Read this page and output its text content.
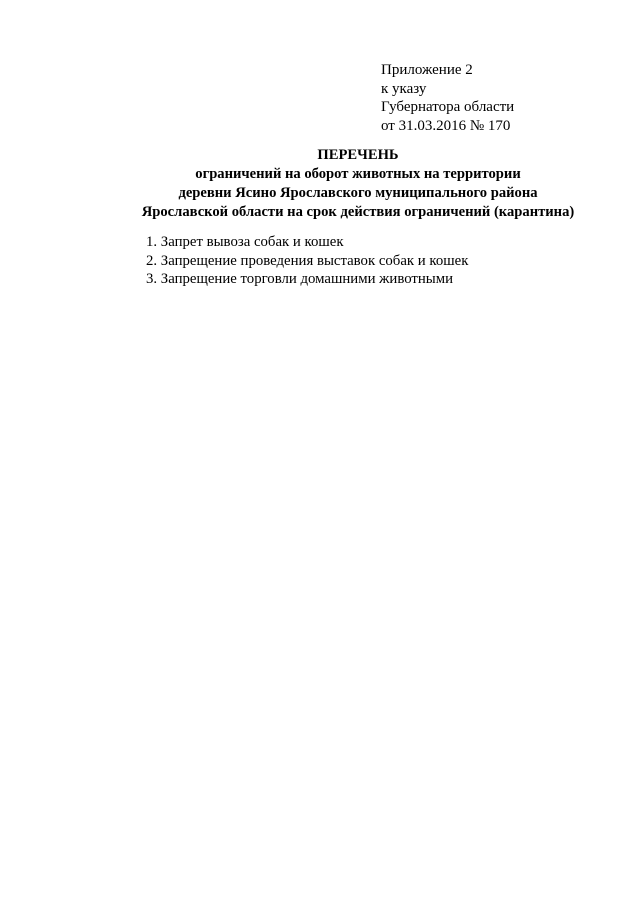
Приложение 2
к указу
Губернатора области
от 31.03.2016 № 170
ПЕРЕЧЕНЬ
ограничений на оборот животных на территории
деревни Ясино Ярославского муниципального района
Ярославской области на срок действия ограничений (карантина)
1. Запрет вывоза собак и кошек
2. Запрещение проведения выставок собак и кошек
3. Запрещение торговли домашними животными
